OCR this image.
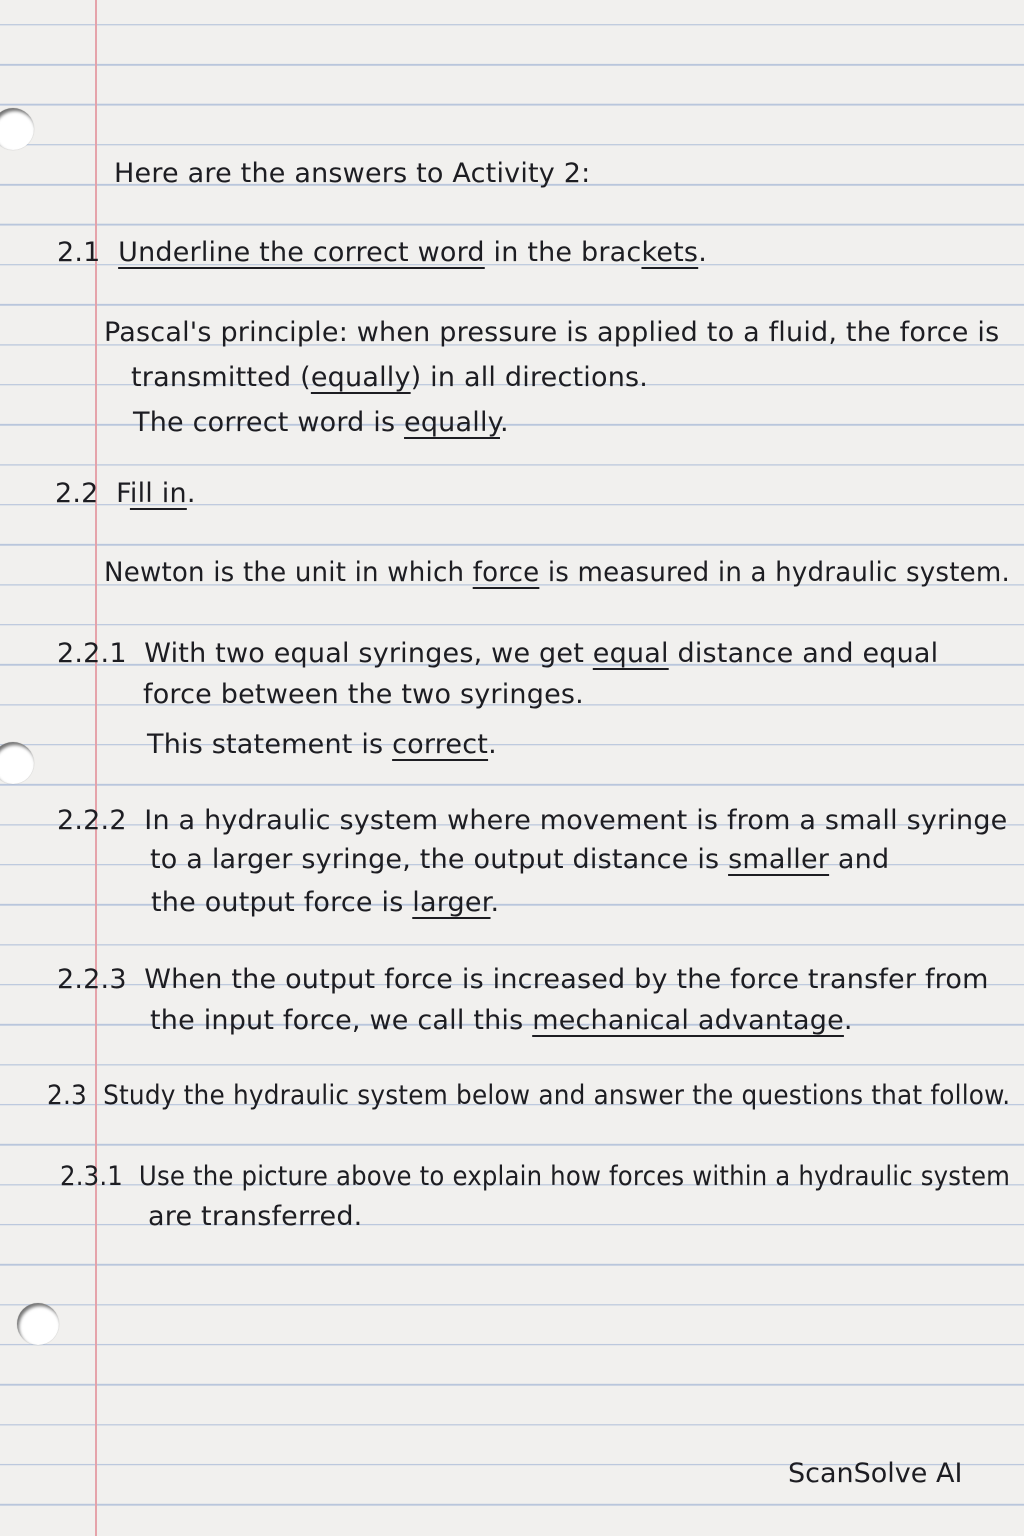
Here are the answers to Activity 2:
2.1 Underline the correct word in the brackets.
Pascal's principle: when pressure is applied to a fluid, the force is
transmitted (equally) in all directions.
The correct word is equally.
2.2 Fill in.
Newton is the unit in which force is measured in a hydraulic system.
2.2.1 With two equal syringes, we get equal distance and equal
force between the two syringes.
This statement is correct.
2.2.2 In a hydraulic system where movement is from a small syringe
to a larger syringe, the output distance is smaller and
the output force is larger.
2.2.3 When the output force is increased by the force transfer from
the input force, we call this mechanical advantage.
2.3 Study the hydraulic system below and answer the questions that follow.
2.3.1 Use the picture above to explain how forces within a hydraulic system
are transferred.
ScanSolve AI
